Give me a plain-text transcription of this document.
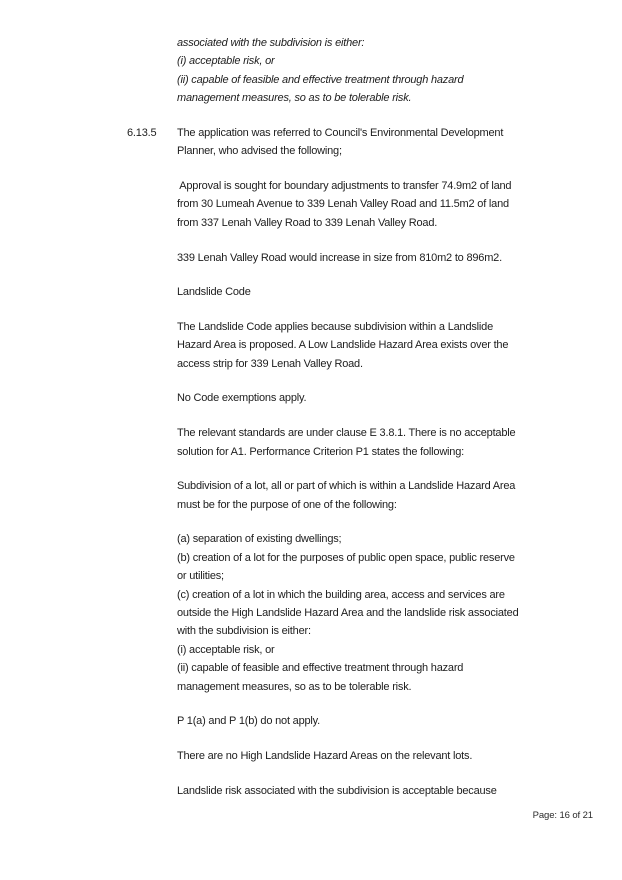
associated with the subdivision is either:
(i) acceptable risk, or
(ii) capable of feasible and effective treatment through hazard
management measures, so as to be tolerable risk.
6.13.5 The application was referred to Council's Environmental Development
Planner, who advised the following;
Approval is sought for boundary adjustments to transfer 74.9m2 of land
from 30 Lumeah Avenue to 339 Lenah Valley Road and 11.5m2 of land
from 337 Lenah Valley Road to 339 Lenah Valley Road.
339 Lenah Valley Road would increase in size from 810m2 to 896m2.
Landslide Code
The Landslide Code applies because subdivision within a Landslide
Hazard Area is proposed. A Low Landslide Hazard Area exists over the
access strip for 339 Lenah Valley Road.
No Code exemptions apply.
The relevant standards are under clause E 3.8.1. There is no acceptable
solution for A1. Performance Criterion P1 states the following:
Subdivision of a lot, all or part of which is within a Landslide Hazard Area
must be for the purpose of one of the following:
(a) separation of existing dwellings;
(b) creation of a lot for the purposes of public open space, public reserve
or utilities;
(c) creation of a lot in which the building area, access and services are
outside the High Landslide Hazard Area and the landslide risk associated
with the subdivision is either:
(i) acceptable risk, or
(ii) capable of feasible and effective treatment through hazard
management measures, so as to be tolerable risk.
P 1(a) and P 1(b) do not apply.
There are no High Landslide Hazard Areas on the relevant lots.
Landslide risk associated with the subdivision is acceptable because
Page: 16 of 21
